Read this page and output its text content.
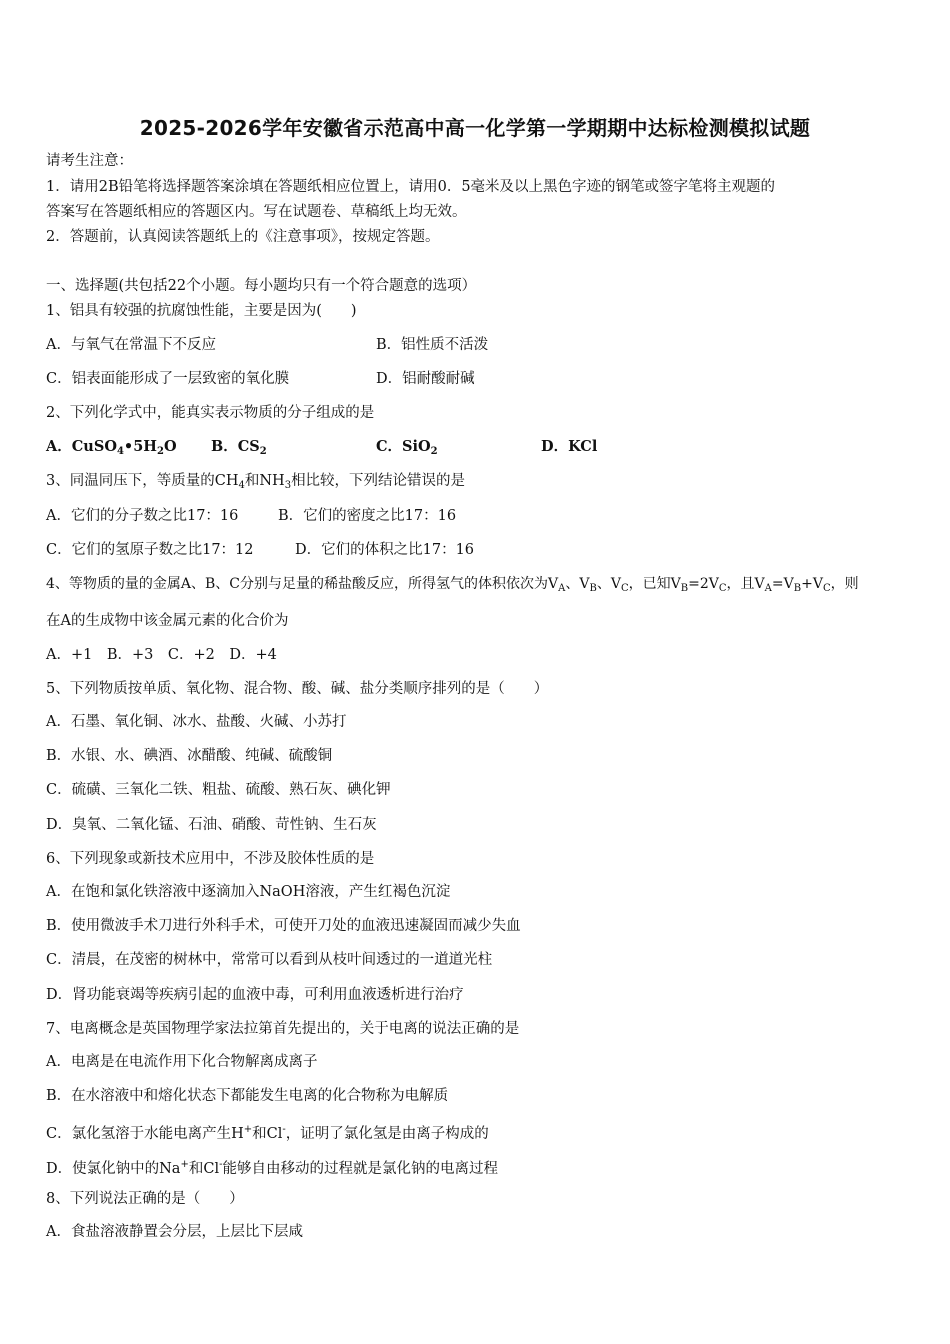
2025-2026学年安徽省示范高中高一化学第一学期期中达标检测模拟试题
请考生注意：
1．请用2B铅笔将选择题答案涂填在答题纸相应位置上，请用0．5毫米及以上黑色字迹的钢笔或签字笔将主观题的
答案写在答题纸相应的答题区内。写在试题卷、草稿纸上均无效。
2．答题前，认真阅读答题纸上的《注意事项》，按规定答题。
一、选择题(共包括22个小题。每小题均只有一个符合题意的选项）
1、铝具有较强的抗腐蚀性能，主要是因为(　　)
A．与氧气在常温下不反应	B．铝性质不活泼
C．铝表面能形成了一层致密的氧化膜	D．铝耐酸耐碱
2、下列化学式中，能真实表示物质的分子组成的是
A．$CuSO_4•5H_2O$ B．$CS_2$	C．SiO$_2$	D．KCl
3、同温同压下，等质量的$CH_4$和$NH_3$相比较，下列结论错误的是
A．它们的分子数之比17：16	B．它们的密度之比17：16
C．它们的氢原子数之比17：12	D．它们的体积之比17：16
4、等物质的量的金属A、B、C分别与足量的稀盐酸反应，所得氢气的体积依次为$V_A$、$V_B$、$V_C$，已知$V_B=2V_C$，且$V_A=V_B+V_C$，则
在A的生成物中该金属元素的化合价为
A．+1　B．+3　C．+2　D．+4
5、下列物质按单质、氧化物、混合物、酸、碱、盐分类顺序排列的是（　　）
A．石墨、氧化铜、冰水、盐酸、火碱、小苏打
B．水银、水、碘酒、冰醋酸、纯碱、硫酸铜
C．硫磺、三氧化二铁、粗盐、硫酸、熟石灰、碘化钾
D．臭氧、二氧化锰、石油、硝酸、苛性钠、生石灰
6、下列现象或新技术应用中，不涉及胶体性质的是
A．在饱和氯化铁溶液中逐滴加入NaOH溶液，产生红褐色沉淀
B．使用微波手术刀进行外科手术，可使开刀处的血液迅速凝固而减少失血
C．清晨，在茂密的树林中，常常可以看到从枝叶间透过的一道道光柱
D．肾功能衰竭等疾病引起的血液中毒，可利用血液透析进行治疗
7、电离概念是英国物理学家法拉第首先提出的，关于电离的说法正确的是
A．电离是在电流作用下化合物解离成离子
B．在水溶液中和熔化状态下都能发生电离的化合物称为电解质
C．氯化氢溶于水能电离产生H+和Cl-，证明了氯化氢是由离子构成的
D．使氯化钠中的Na+和Cl-能够自由移动的过程就是氯化钠的电离过程
8、下列说法正确的是（　　）
A．食盐溶液静置会分层，上层比下层咸
